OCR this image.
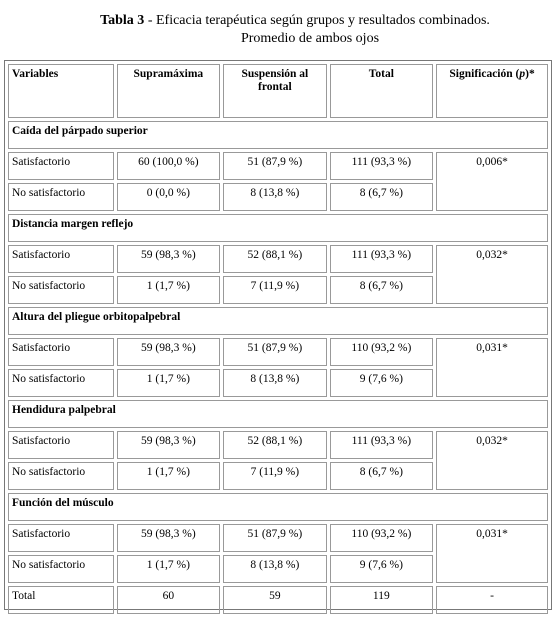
Tabla 3 - Eficacia terapéutica según grupos y resultados combinados.
Promedio de ambos ojos
Variables	Supramáxima	Suspensión al frontal	Total	Significación (p)*
Caída del párpado superior				
Satisfactorio	60 (100,0 %)	51 (87,9 %)	111 (93,3 %)	0,006*
No satisfactorio	0 (0,0 %)	8 (13,8 %)	8 (6,7 %)	
Distancia margen reflejo				
Satisfactorio	59 (98,3 %)	52 (88,1 %)	111 (93,3 %)	0,032*
No satisfactorio	1 (1,7 %)	7 (11,9 %)	8 (6,7 %)	
Altura del pliegue orbitopalpebral				
Satisfactorio	59 (98,3 %)	51 (87,9 %)	110 (93,2 %)	0,031*
No satisfactorio	1 (1,7 %)	8 (13,8 %)	9 (7,6 %)	
Hendidura palpebral				
Satisfactorio	59 (98,3 %)	52 (88,1 %)	111 (93,3 %)	0,032*
No satisfactorio	1 (1,7 %)	7 (11,9 %)	8 (6,7 %)	
Función del músculo				
Satisfactorio	59 (98,3 %)	51 (87,9 %)	110 (93,2 %)	0,031*
No satisfactorio	1 (1,7 %)	8 (13,8 %)	9 (7,6 %)	
Total	60	59	119	-
